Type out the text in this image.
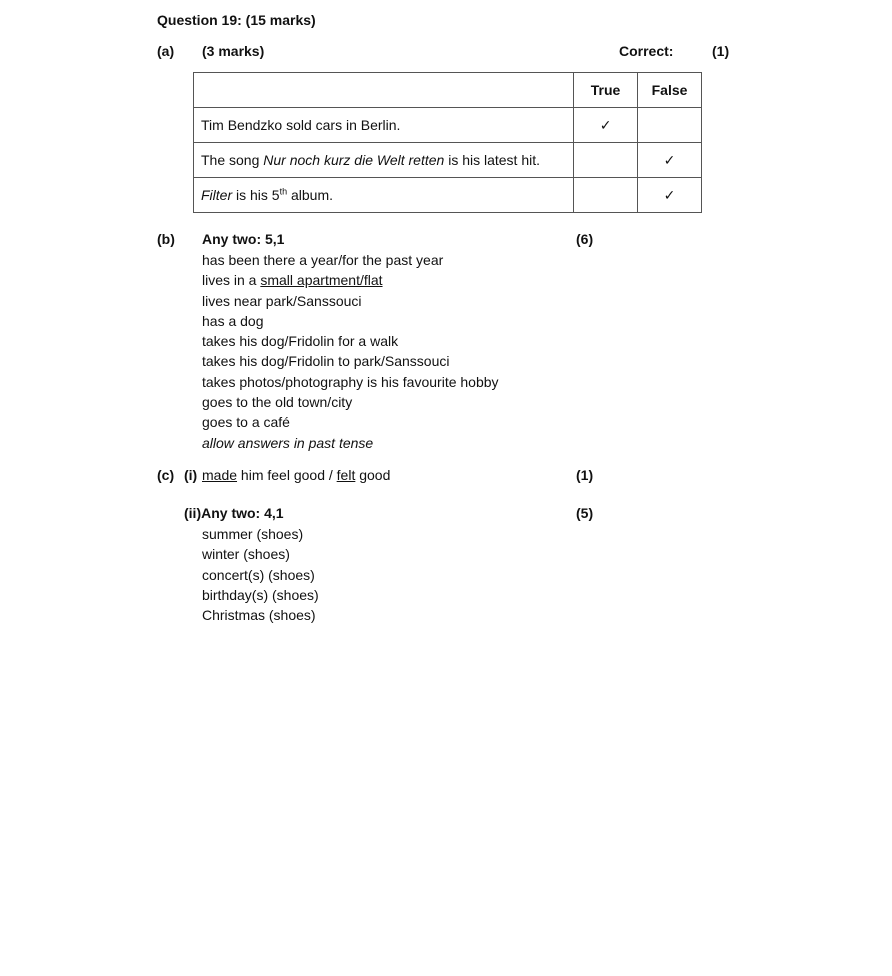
Question 19: (15 marks)
(a) (3 marks)	Correct:	(1)
	True	False
Tim Bendzko sold cars in Berlin.	✓	
The song Nur noch kurz die Welt retten is his latest hit.		✓
Filter is his 5th album.		✓
(b) Any two: 5,1	(6)
has been there a year/for the past year
lives in a small apartment/flat
lives near park/Sanssouci
has a dog
takes his dog/Fridolin for a walk
takes his dog/Fridolin to park/Sanssouci
takes photos/photography is his favourite hobby
goes to the old town/city
goes to a café
allow answers in past tense
(c) (i) made him feel good / felt good	(1)
(ii)Any two: 4,1	(5)
summer (shoes)
winter (shoes)
concert(s) (shoes)
birthday(s) (shoes)
Christmas (shoes)
